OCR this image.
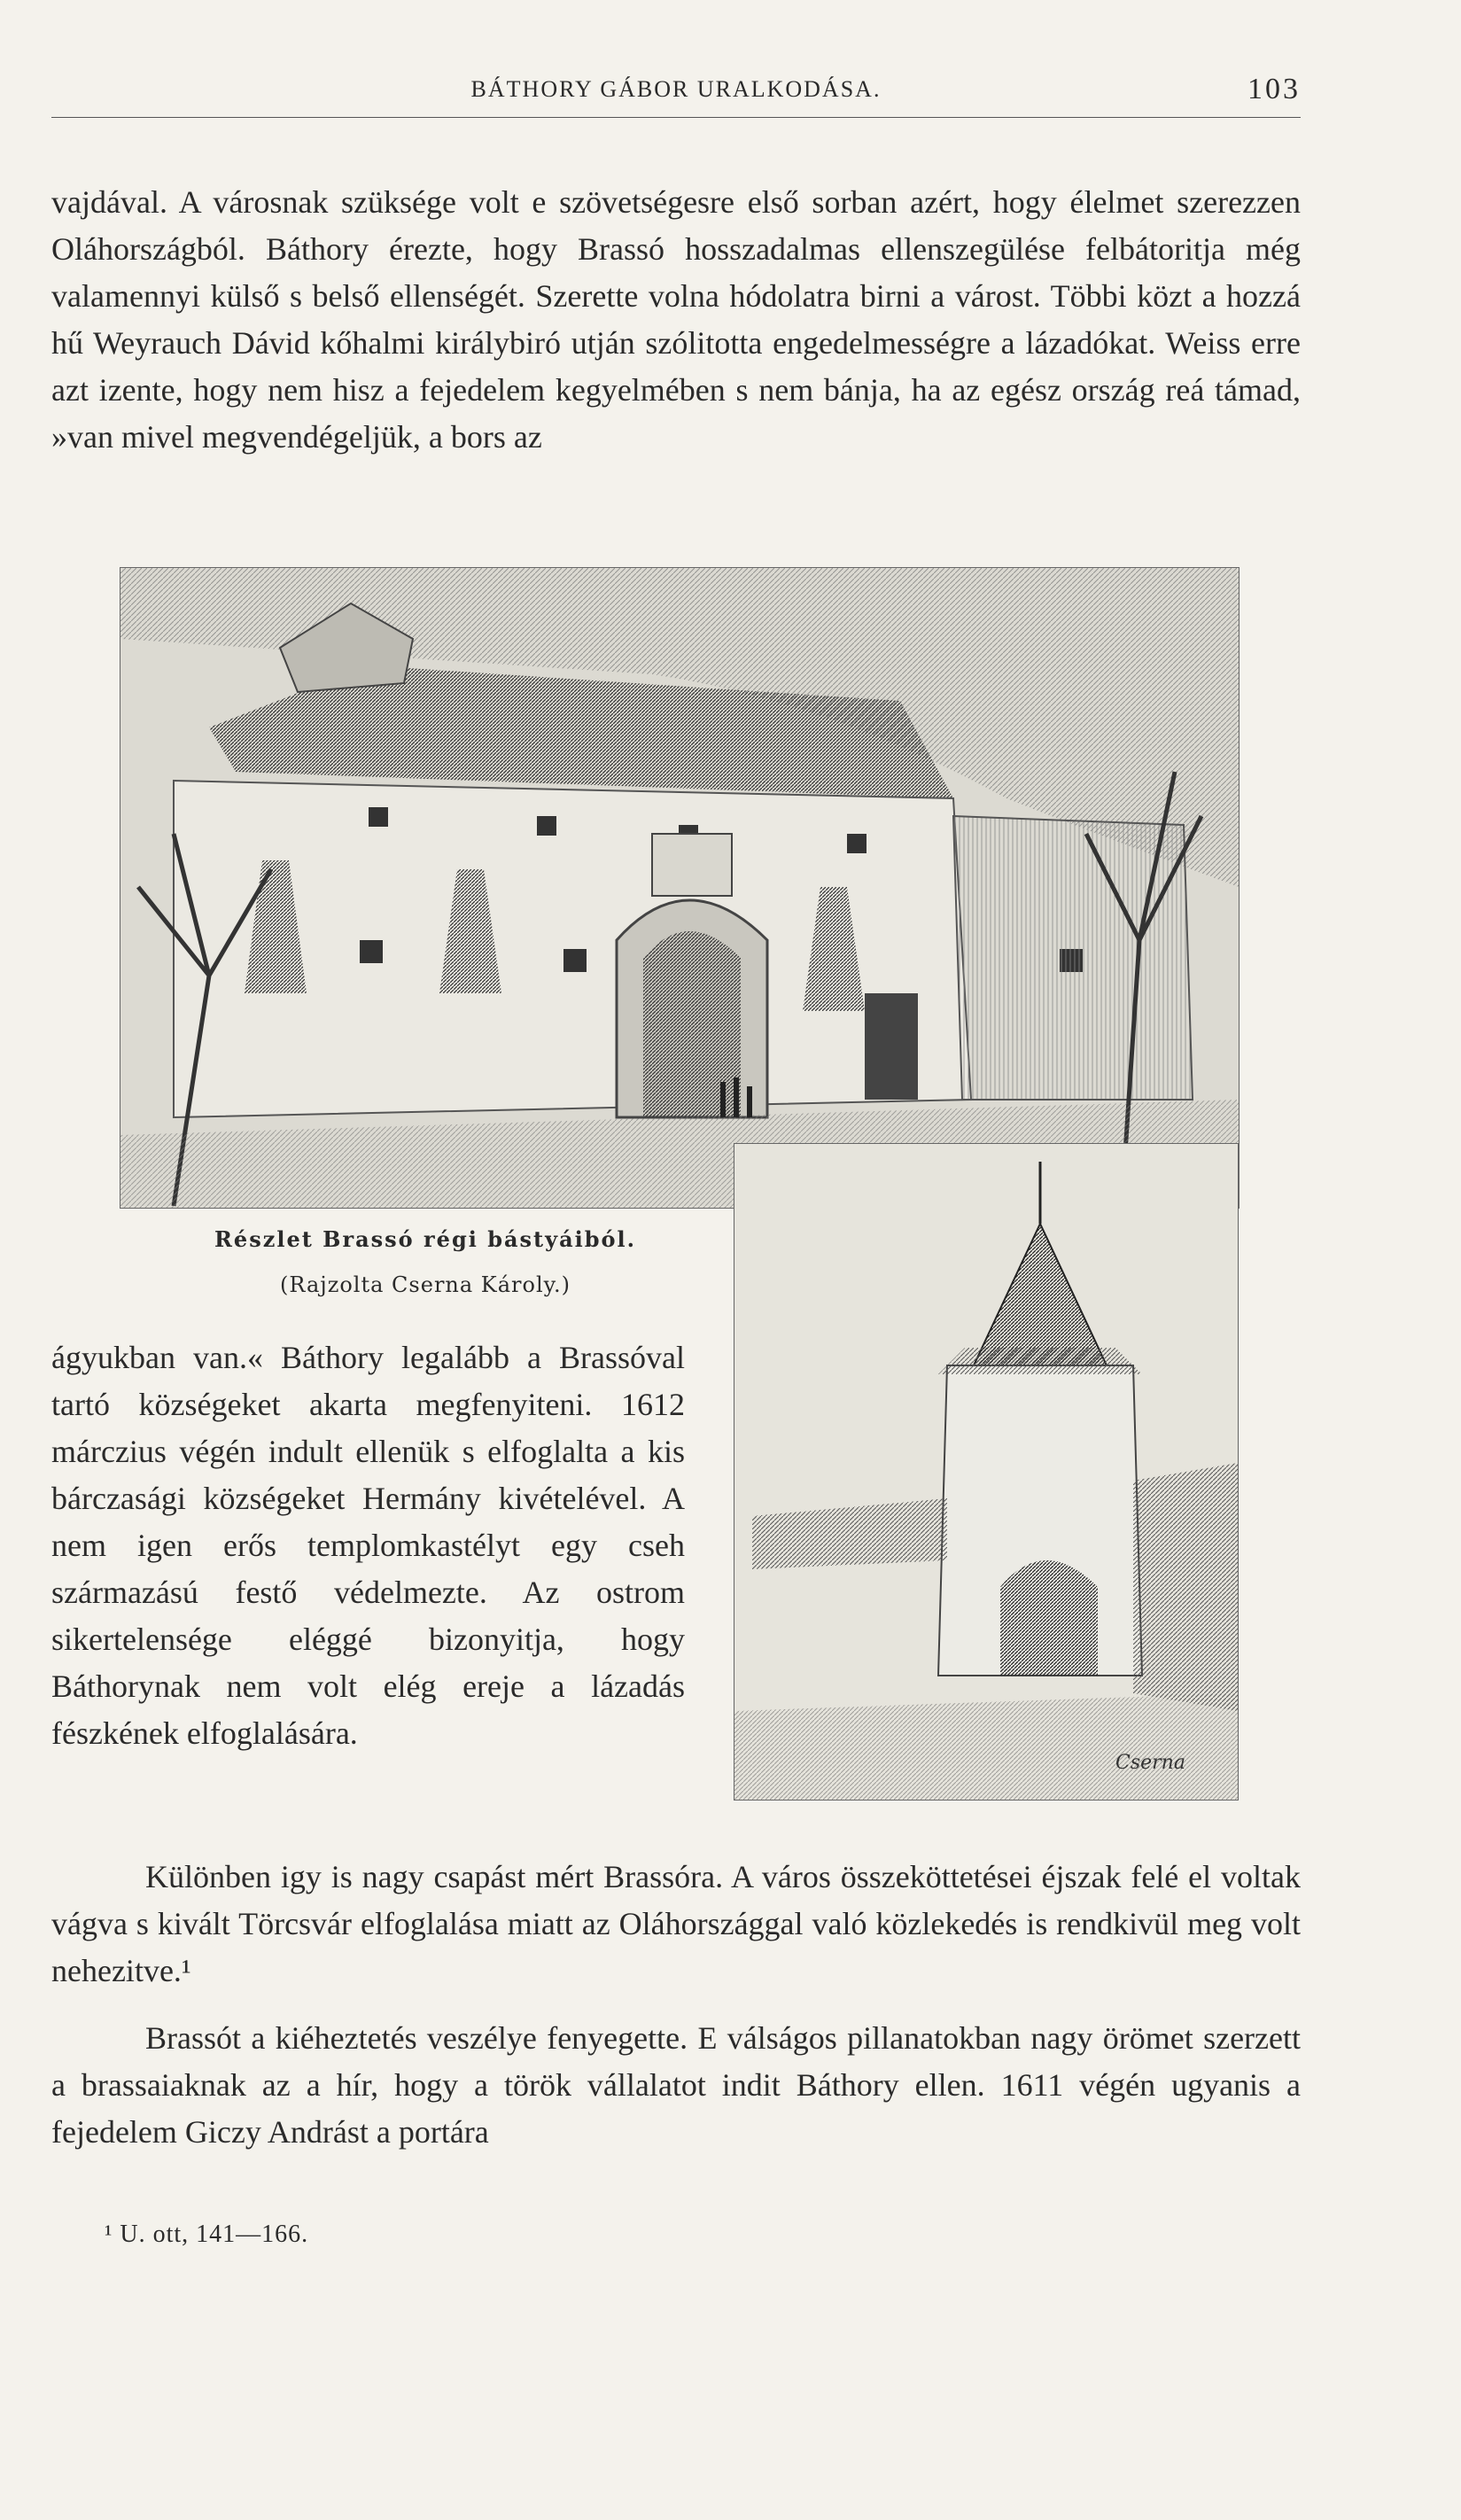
BÁTHORY GÁBOR URALKODÁSA.	103

vajdával. A városnak szüksége volt e szövetségesre első sorban azért, hogy élelmet szerezzen Oláhországból. Báthory érezte, hogy Brassó hosszadalmas ellenszegülése felbátoritja még valamennyi külső s belső ellenségét. Szerette volna hódolatra birni a várost. Többi közt a hozzá hű Weyrauch Dávid kőhalmi királybiró utján szólitotta engedelmességre a lázadókat. Weiss erre azt izente, hogy nem hisz a fejedelem kegyelmében s nem bánja, ha az egész ország reá támad, »van mivel megvendégeljük, a bors az

Cserna

Részlet Brassó régi bástyáiból.

(Rajzolta Cserna Károly.)

ágyukban van.« Báthory legalább a Brassóval tartó községeket akarta megfenyiteni. 1612 márczius végén indult ellenük s elfoglalta a kis bárczasági községeket Hermány kivételével. A nem igen erős templomkastélyt egy cseh származású festő védelmezte. Az ostrom sikertelensége eléggé bizonyitja, hogy Báthorynak nem volt elég ereje a lázadás fészkének elfoglalására.

Különben igy is nagy csapást mért Brassóra. A város összeköttetései éjszak felé el voltak vágva s kivált Törcsvár elfoglalása miatt az Oláhországgal való közlekedés is rendkivül meg volt nehezitve.¹

Brassót a kiéheztetés veszélye fenyegette. E válságos pillanatokban nagy örömet szerzett a brassaiaknak az a hír, hogy a török vállalatot indit Báthory ellen. 1611 végén ugyanis a fejedelem Giczy Andrást a portára

¹ U. ott, 141—166.
